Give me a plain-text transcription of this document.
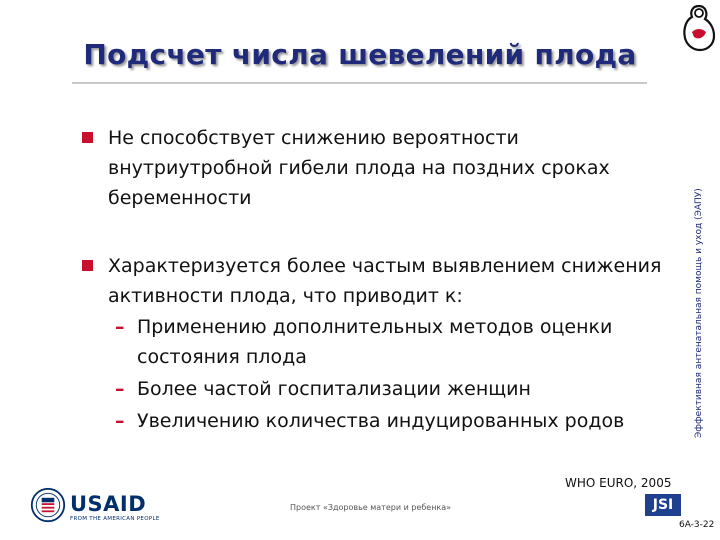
Подсчет числа шевелений плода
Эффективная антенатальная помощь и уход (ЭАПУ)
Не способствует снижению вероятности внутриутробной гибели плода на поздних сроках беременности
Характеризуется более частым выявлением снижения активности плода, что приводит к:
– Применению дополнительных методов оценки состояния плода
– Более частой госпитализации женщин
– Увеличению количества индуцированных родов
WHO EURO, 2005
USAID
FROM THE AMERICAN PEOPLE
Проект «Здоровье матери и ребенка»	JSI
6A-3-22
